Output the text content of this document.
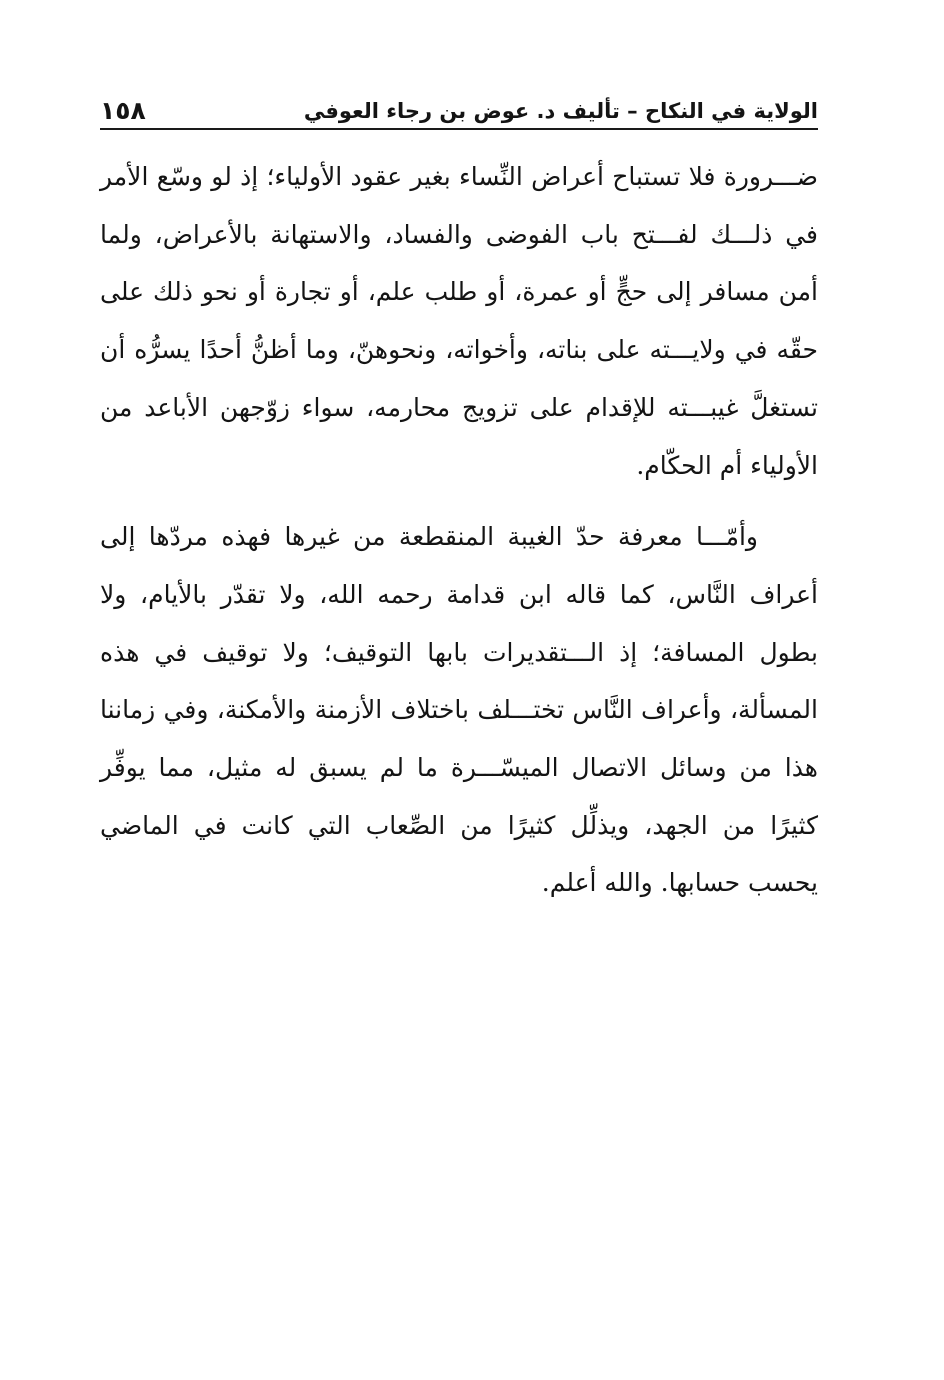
الولاية في النكاح – تأليف د. عوض بن رجاء العوفي
١٥٨

ضـــرورة فلا تستباح أعراض النِّساء بغير عقود الأولياء؛ إذ لو وسّع الأمر في ذلـــك لفـــتح باب الفوضى والفساد، والاستهانة بالأعراض، ولما أمن مسافر إلى حجٍّ أو عمرة، أو طلب علم، أو تجارة أو نحو ذلك على حقّه في ولايـــته على بناته، وأخواته، ونحوهنّ، وما أظنُّ أحدًا يسرُّه أن تستغلَّ غيبـــته للإقدام على تزويج محارمه، سواء زوّجهن الأباعد من الأولياء أم الحكّام.

وأمّـــا معرفة حدّ الغيبة المنقطعة من غيرها فهذه مردّها إلى أعراف النَّاس، كما قاله ابن قدامة رحمه الله، ولا تقدّر بالأيام، ولا بطول المسافة؛ إذ الـــتقديرات بابها التوقيف؛ ولا توقيف في هذه المسألة، وأعراف النَّاس تختـــلف باختلاف الأزمنة والأمكنة، وفي زماننا هذا من وسائل الاتصال الميسّـــرة ما لم يسبق له مثيل، مما يوفِّر كثيرًا من الجهد، ويذلِّل كثيرًا من الصِّعاب التي كانت في الماضي يحسب حسابها. والله أعلم.
